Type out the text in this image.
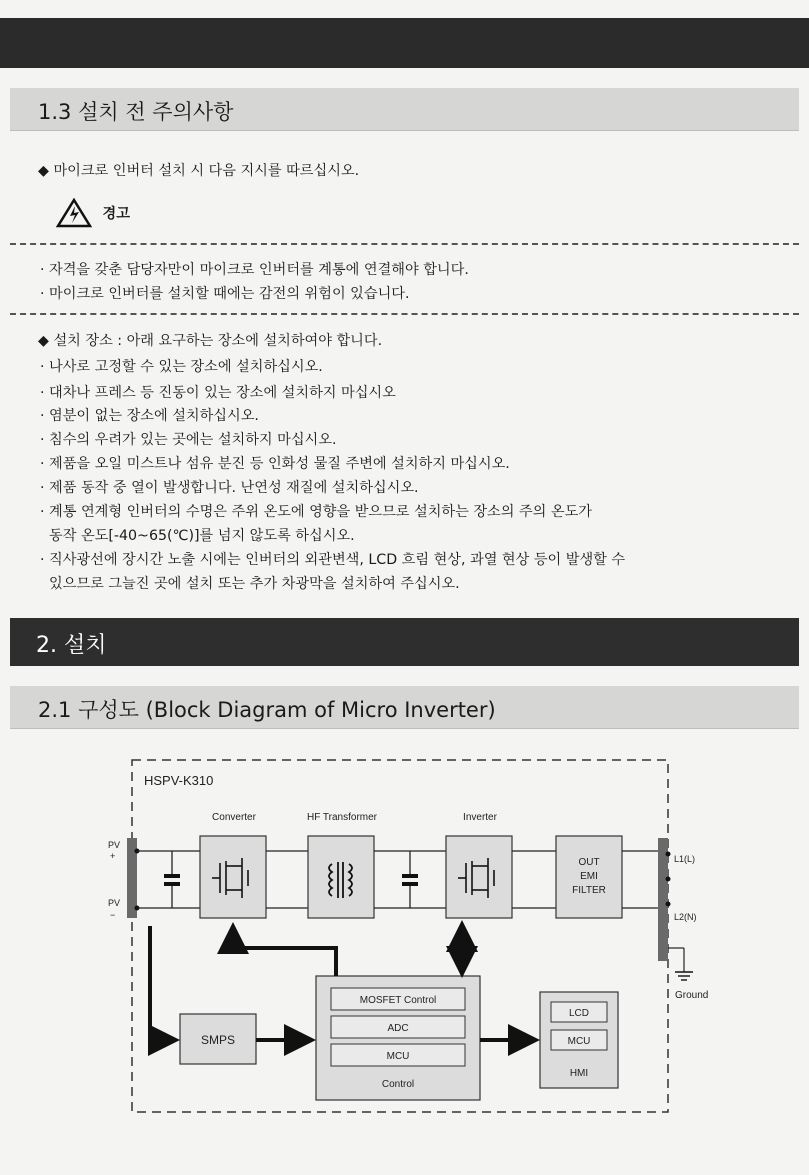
1.3 설치 전 주의사항
◆ 마이크로 인버터 설치 시 다음 지시를 따르십시오.
경고
· 자격을 갖춘 담당자만이 마이크로 인버터를 계통에 연결해야 합니다.
· 마이크로 인버터를 설치할 때에는 감전의 위험이 있습니다.
◆ 설치 장소 : 아래 요구하는 장소에 설치하여야 합니다.
· 나사로 고정할 수 있는 장소에 설치하십시오.
· 대차나 프레스 등 진동이 있는 장소에 설치하지 마십시오
· 염분이 없는 장소에 설치하십시오.
· 침수의 우려가 있는 곳에는 설치하지 마십시오.
· 제품을 오일 미스트나 섬유 분진 등 인화성 물질 주변에 설치하지 마십시오.
· 제품 동작 중 열이 발생합니다. 난연성 재질에 설치하십시오.
· 계통 연계형 인버터의 수명은 주위 온도에 영향을 받으므로 설치하는 장소의 주의 온도가
동작 온도[-40~65(℃)]를 넘지 않도록 하십시오.
· 직사광선에 장시간 노출 시에는 인버터의 외관변색, LCD 흐림 현상, 과열 현상 등이 발생할 수
있으므로 그늘진 곳에 설치 또는 추가 차광막을 설치하여 주십시오.
2. 설치
2.1 구성도 (Block Diagram of Micro Inverter)
HSPV-K310
Converter	HF Transformer	Inverter
PV
+
PV
−
OUT
EMI
FILTER
L1(L)
L2(N)
Ground
MOSFET Control
ADC
MCU
Control
SMPS
LCD
MCU
HMI
